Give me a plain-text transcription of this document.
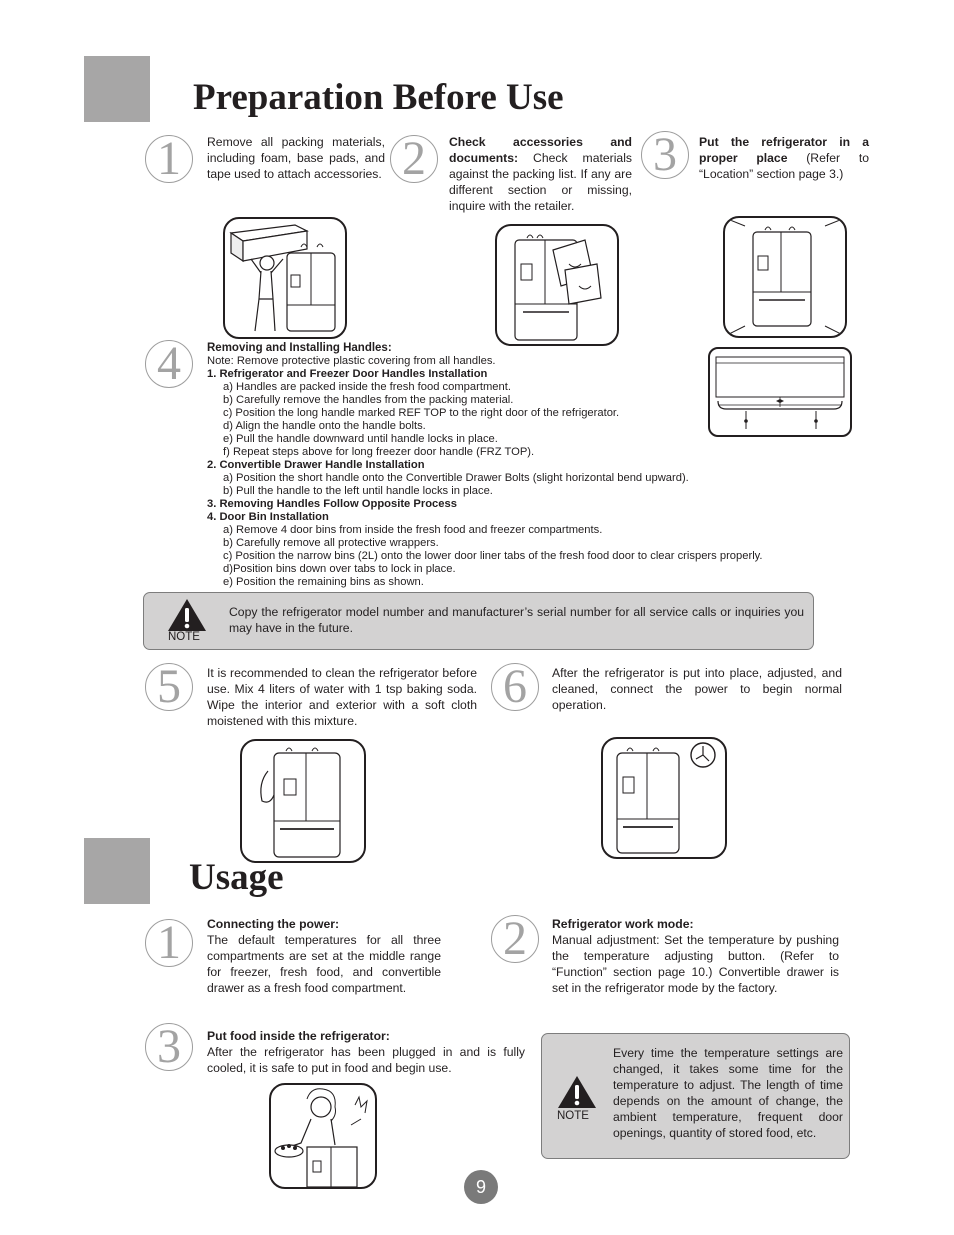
Preparation Before Use
1	Remove all packing materials, including foam, base pads, and tape used to attach accessories. 2	Check accessories and documents: Check materials against the packing list. If any are different section or missing, inquire with the retailer.
3	Put the refrigerator in a proper place (Refer to “Location” section page 3.)
4	Removing and Installing Handles:
Note: Remove protective plastic covering from all handles.
1. Refrigerator and Freezer Door Handles Installation
a) Handles are packed inside the fresh food compartment.
b) Carefully remove the handles from the packing material.
c) Position the long handle marked REF TOP to the right door of the refrigerator.
d) Align the handle onto the handle bolts.
e) Pull the handle downward until handle locks in place.
f) Repeat steps above for long freezer door handle (FRZ TOP).
2. Convertible Drawer Handle Installation
a) Position the short handle onto the Convertible Drawer Bolts (slight horizontal bend upward).
b) Pull the handle to the left until handle locks in place.
3. Removing Handles Follow Opposite Process
4. Door Bin Installation
a) Remove 4 door bins from inside the fresh food and freezer compartments.
b) Carefully remove all protective wrappers.
c) Position the narrow bins (2L) onto the lower door liner tabs of the fresh food door to clear crispers properly.
d)Position bins down over tabs to lock in place.
e) Position the remaining bins as shown.
NOTE
Copy the refrigerator model number and manufacturer’s serial number for all service calls or inquiries you may have in the future.
5	It is recommended to clean the refrigerator before use. Mix 4 liters of water with 1 tsp baking soda. Wipe the interior and exterior with a soft cloth moistened with this mixture.
6	After the refrigerator is put into place, adjusted, and cleaned, connect the power to begin normal operation.
Usage
1	Connecting the power:
The default temperatures for all three compartments are set at the middle range for freezer, fresh food, and convertible drawer as a fresh food compartment.
2	Refrigerator work mode:
Manual adjustment: Set the temperature by pushing the temperature adjusting button. (Refer to “Function” section page 10.) Convertible drawer is set in the refrigerator mode by the factory.
3	Put food inside the refrigerator:
After the refrigerator has been plugged in and is fully cooled, it is safe to put in food and begin use.
NOTE
Every time the temperature settings are changed, it takes some time for the temperature to adjust. The length of time depends on the amount of change, the ambient temperature, frequent door openings, quantity of stored food, etc.
9
